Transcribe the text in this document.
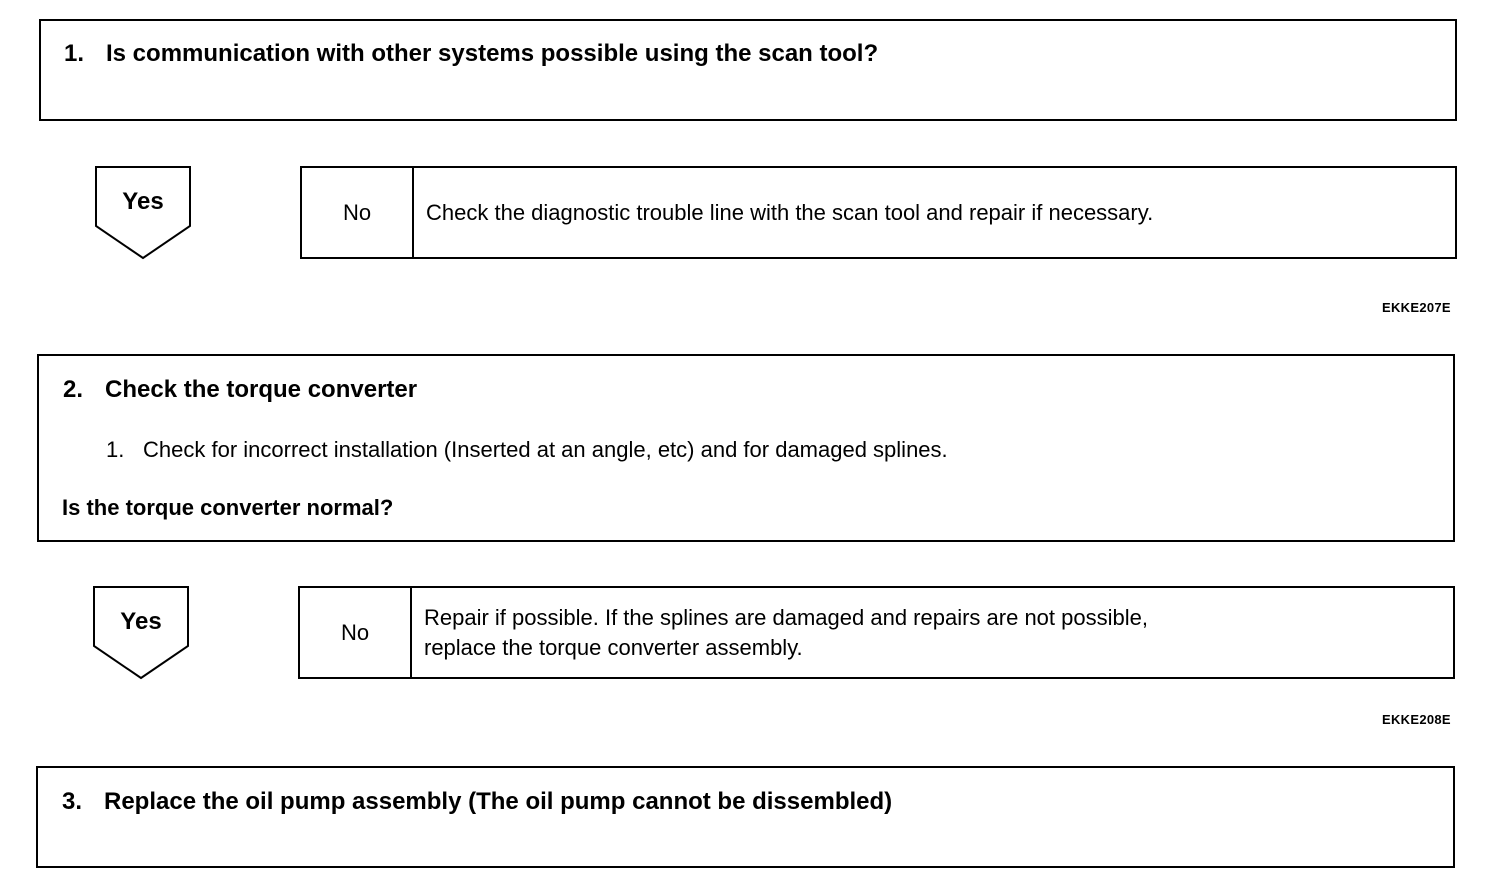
1. Is communication with other systems possible using the scan tool?
Yes	No	Check the diagnostic trouble line with the scan tool and repair if necessary.
EKKE207E
2. Check the torque converter
1. Check for incorrect installation (Inserted at an angle, etc) and for damaged splines.
Is the torque converter normal?
Yes	No
Repair if possible. If the splines are damaged and repairs are not possible,
replace the torque converter assembly.
EKKE208E
3. Replace the oil pump assembly (The oil pump cannot be dissembled)
